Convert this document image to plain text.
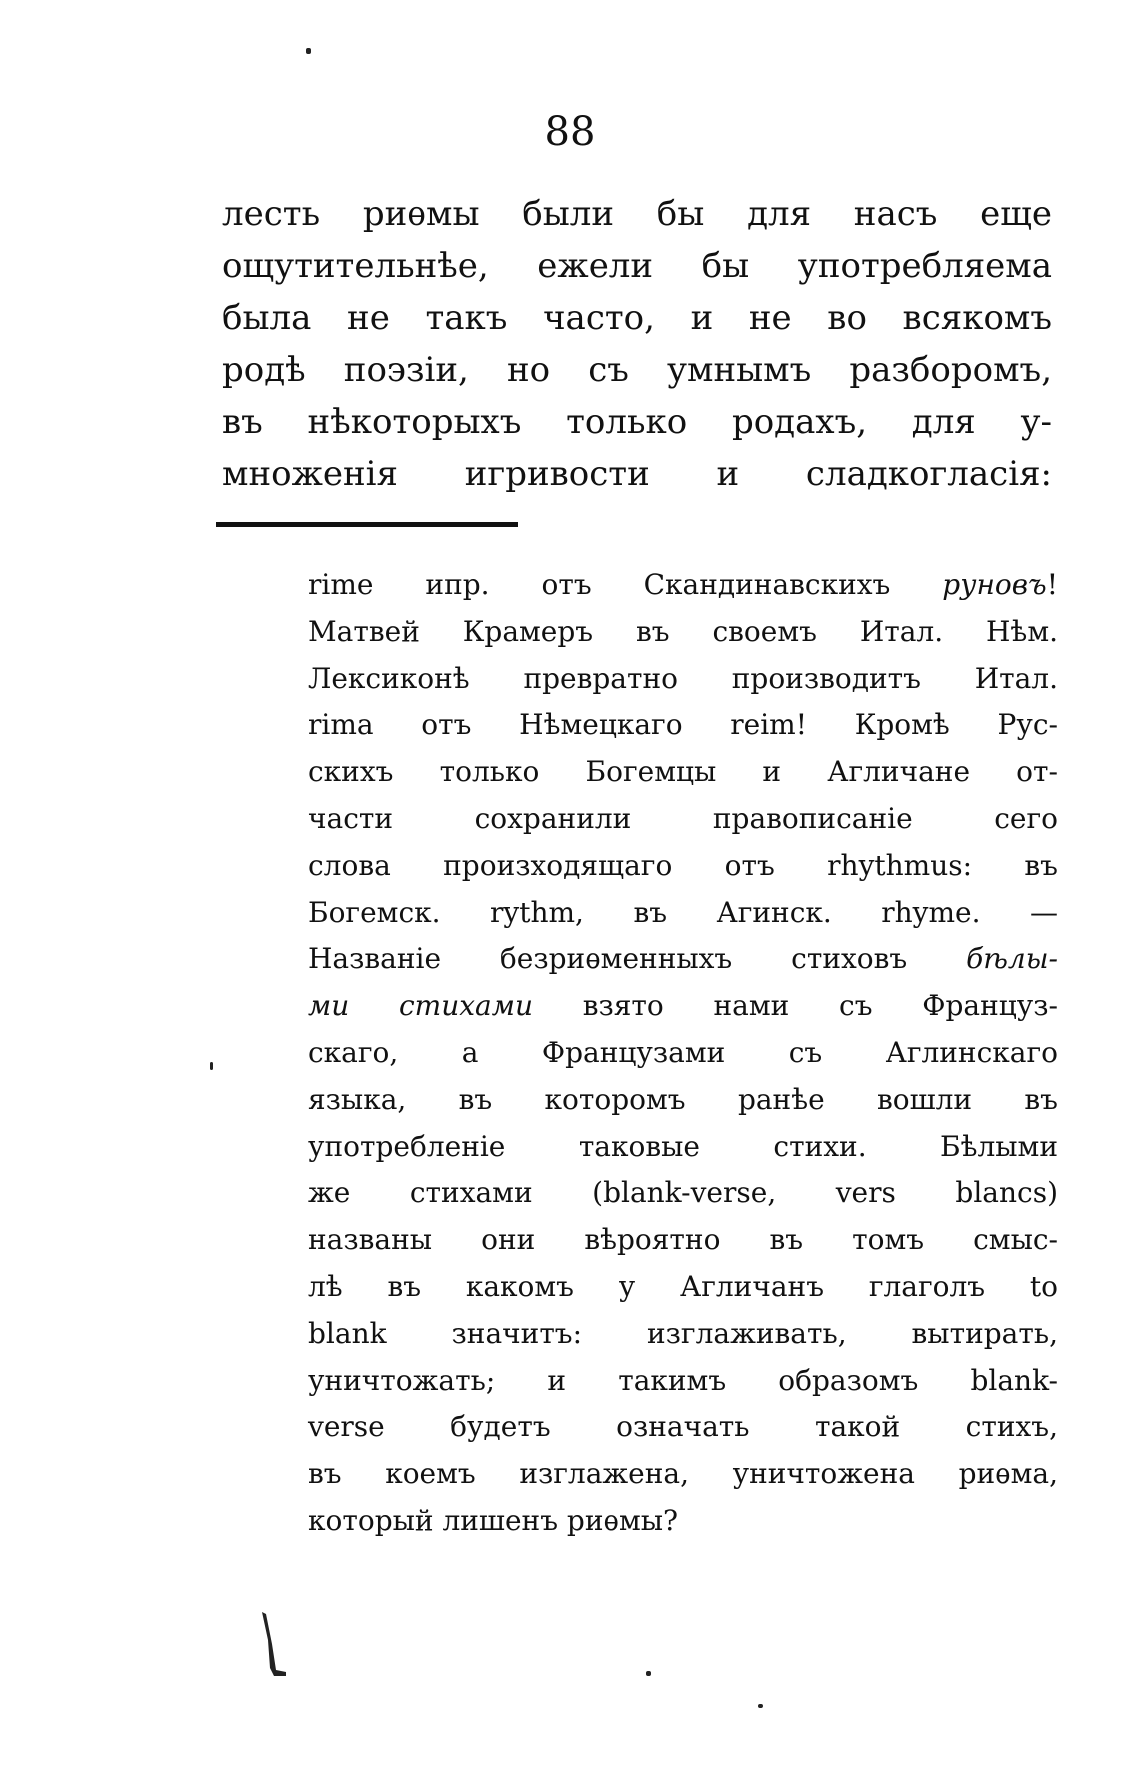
88
лесть риѳмы были бы для насъ еще
ощутительнѣе, ежели бы употребляема
была не такъ часто, и не во всякомъ
родѣ поэзіи, но съ умнымъ разборомъ,
въ нѣкоторыхъ только родахъ, для у-
множенія игривости и сладкогласія:
rime ипр. отъ Скандинавскихъ руновъ!
Матвей Крамеръ въ своемъ Итал. Нѣм.
Лексиконѣ превратно производитъ Итал.
rima отъ Нѣмецкаго reim! Кромѣ Рус-
скихъ только Богемцы и Агличане от-
части сохранили правописаніе сего
слова произходящаго отъ rhythmus: въ
Богемск. rythm, въ Агинск. rhyme. —
Названіе безриѳменныхъ стиховъ бѣлы-
ми стихами взято нами съ Француз-
скаго, а Французами съ Аглинскаго
языка, въ которомъ ранѣе вошли въ
употребленіе таковые стихи. Бѣлыми
же стихами (blank-verse, vers blancs)
названы они вѣроятно въ томъ смыс-
лѣ въ какомъ у Агличанъ глаголъ to
blank значитъ: изглаживать, вытирать,
уничтожать; и такимъ образомъ blank-
verse будетъ означать такой стихъ,
въ коемъ изглажена, уничтожена риѳма,
который лишенъ риѳмы?
